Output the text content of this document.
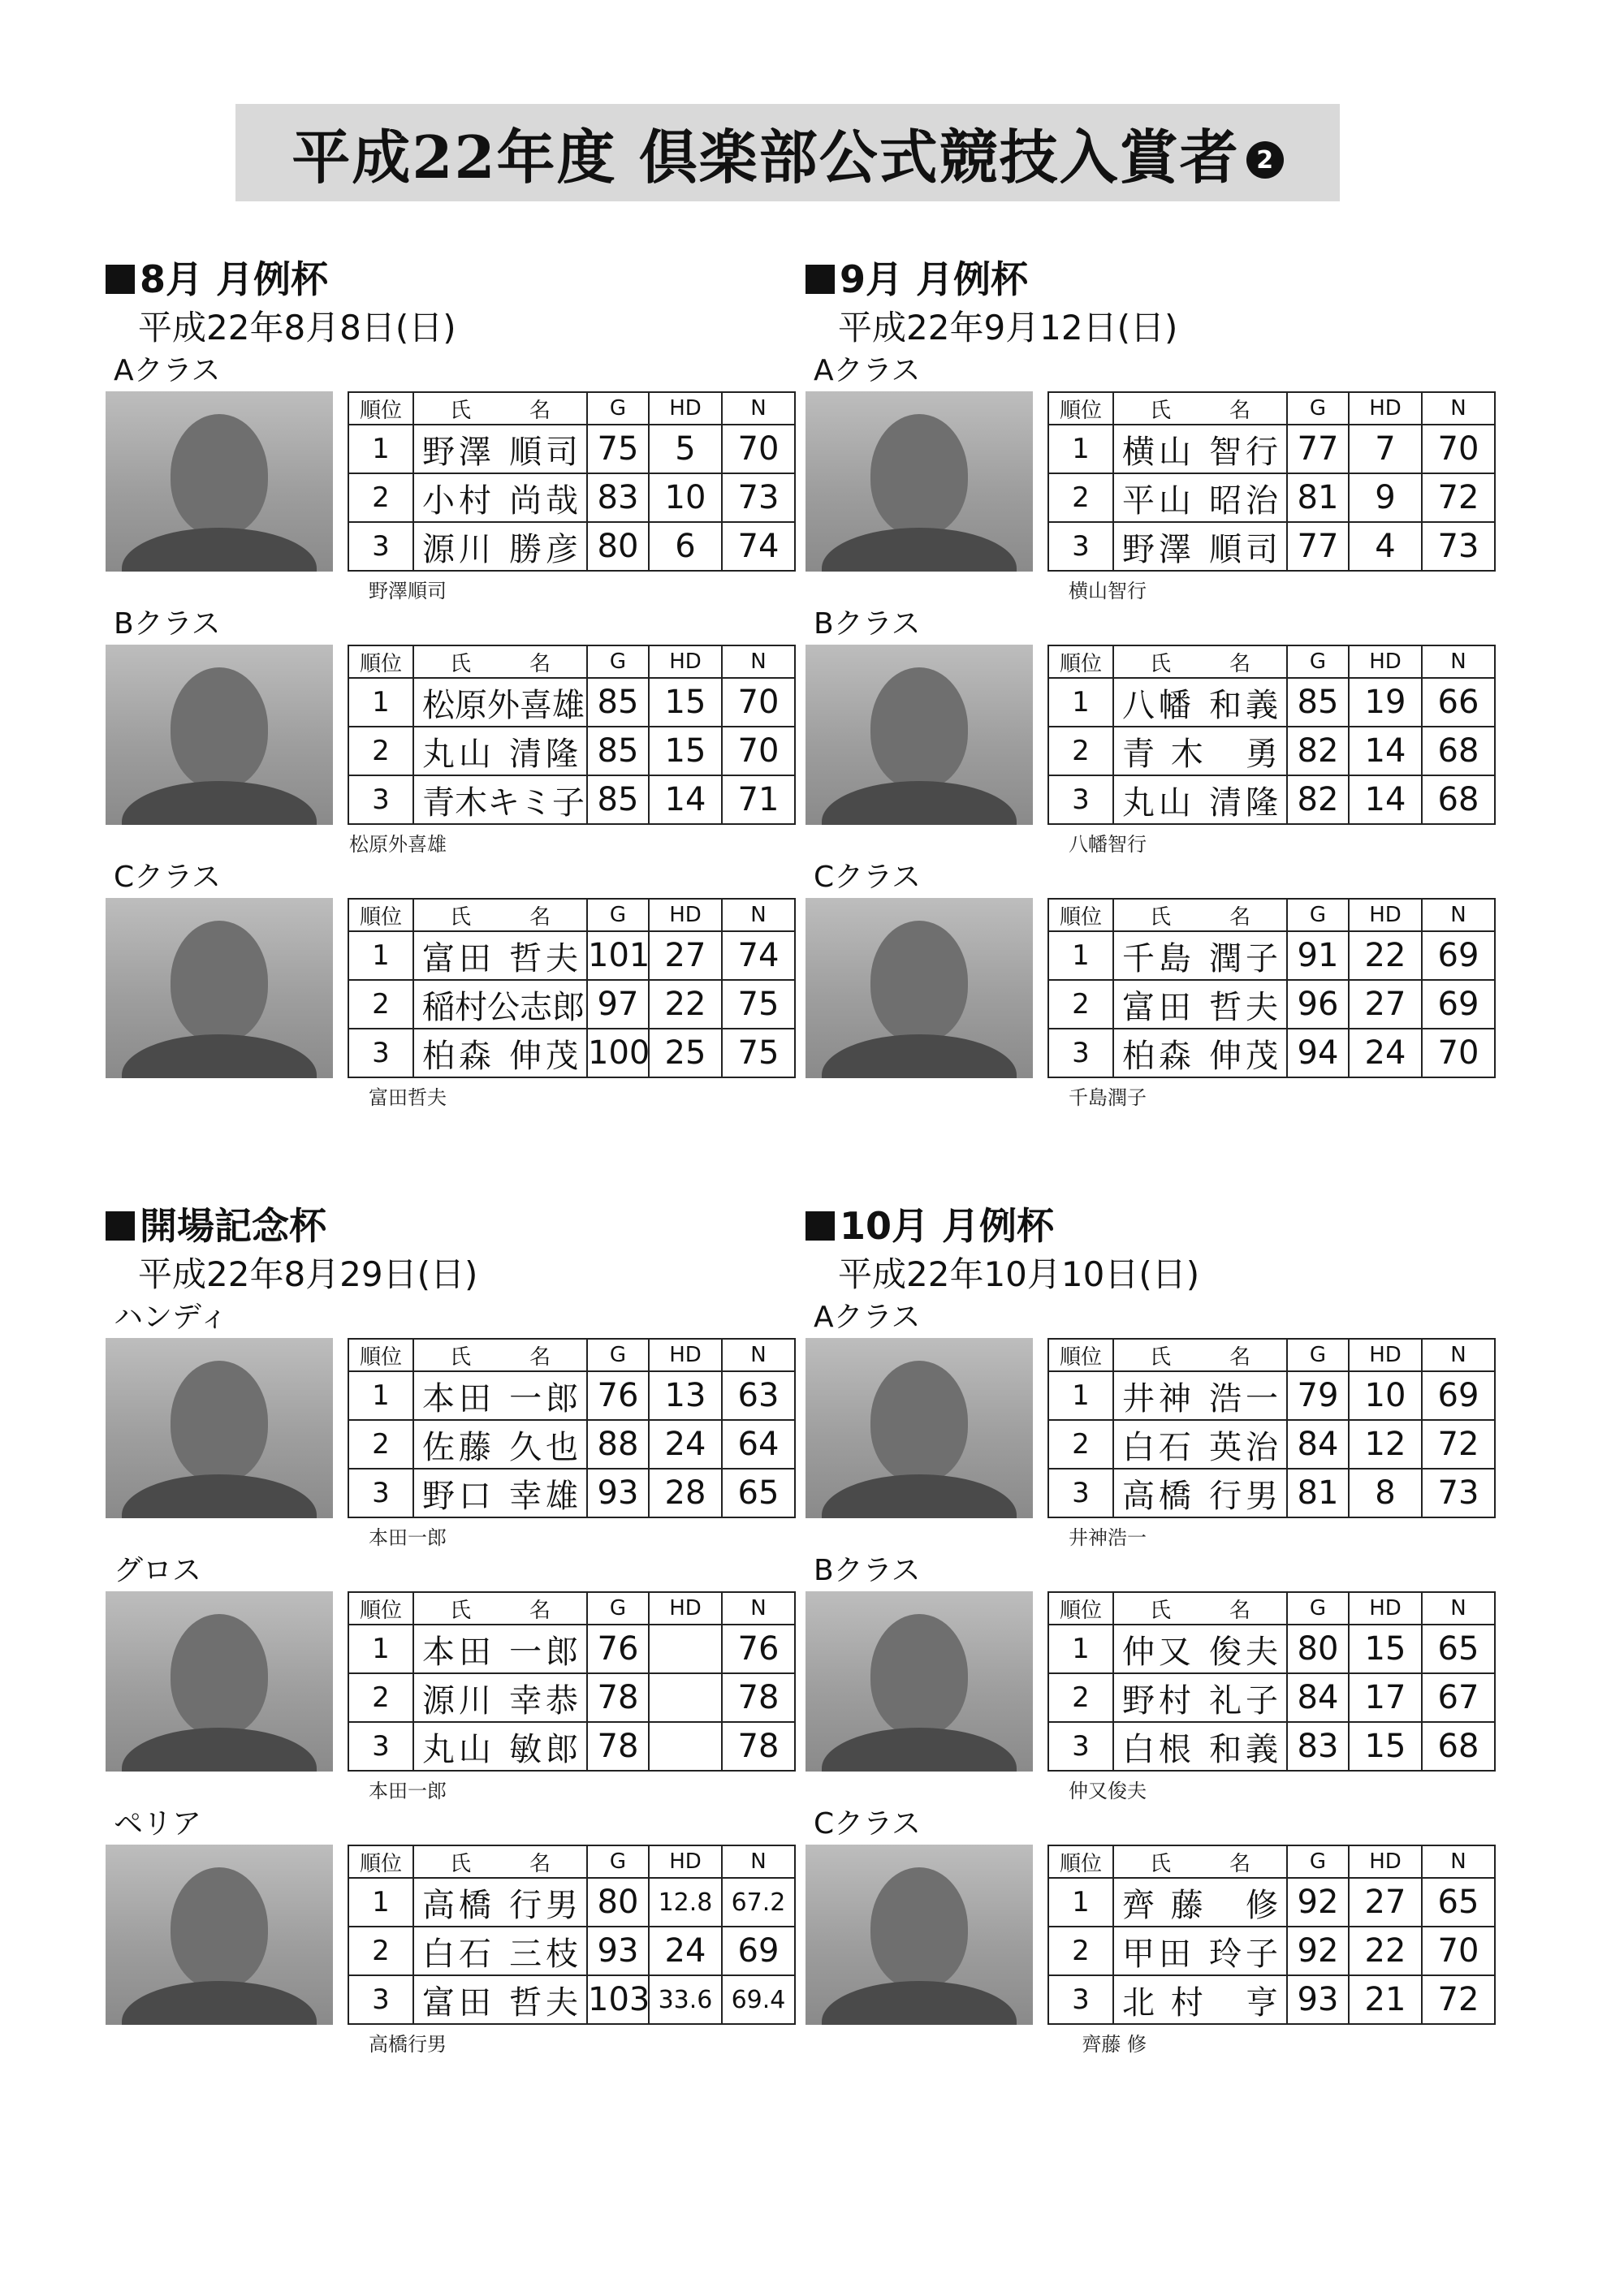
平成22年度 倶楽部公式競技入賞者 2
8月 月例杯
平成22年8月8日(日)
Aクラス
野澤順司
順位	氏 名	G	HD	N
1	野澤 順司	75	5	70
2	小村 尚哉	83	10	73
3	源川 勝彦	80	6	74
Bクラス
松原外喜雄
順位	氏 名	G	HD	N
1	松原外喜雄	85	15	70
2	丸山 清隆	85	15	70
3	青木キミ子	85	14	71
Cクラス
富田哲夫
順位	氏 名	G	HD	N
1	富田 哲夫	101	27	74
2	稲村公志郎	97	22	75
3	柏森 伸茂	100	25	75
9月 月例杯
平成22年9月12日(日)
Aクラス
横山智行
順位	氏 名	G	HD	N
1	横山 智行	77	7	70
2	平山 昭治	81	9	72
3	野澤 順司	77	4	73
Bクラス
八幡智行
順位	氏 名	G	HD	N
1	八幡 和義	85	19	66
2	青木 勇	82	14	68
3	丸山 清隆	82	14	68
Cクラス
千島潤子
順位	氏 名	G	HD	N
1	千島 潤子	91	22	69
2	富田 哲夫	96	27	69
3	柏森 伸茂	94	24	70
開場記念杯
平成22年8月29日(日)
ハンディ
本田一郎
順位	氏 名	G	HD	N
1	本田 一郎	76	13	63
2	佐藤 久也	88	24	64
3	野口 幸雄	93	28	65
グロス
本田一郎
順位	氏 名	G	HD	N
1	本田 一郎	76		76
2	源川 幸恭	78		78
3	丸山 敏郎	78		78
ペリア
高橋行男
順位	氏 名	G	HD	N
1	高橋 行男	80	12.8	67.2
2	白石 三枝	93	24	69
3	富田 哲夫	103	33.6	69.4
10月 月例杯
平成22年10月10日(日)
Aクラス
井神浩一
順位	氏 名	G	HD	N
1	井神 浩一	79	10	69
2	白石 英治	84	12	72
3	高橋 行男	81	8	73
Bクラス
仲又俊夫
順位	氏 名	G	HD	N
1	仲又 俊夫	80	15	65
2	野村 礼子	84	17	67
3	白根 和義	83	15	68
Cクラス
齊藤 修
順位	氏 名	G	HD	N
1	齊藤 修	92	27	65
2	甲田 玲子	92	22	70
3	北村 亨	93	21	72
